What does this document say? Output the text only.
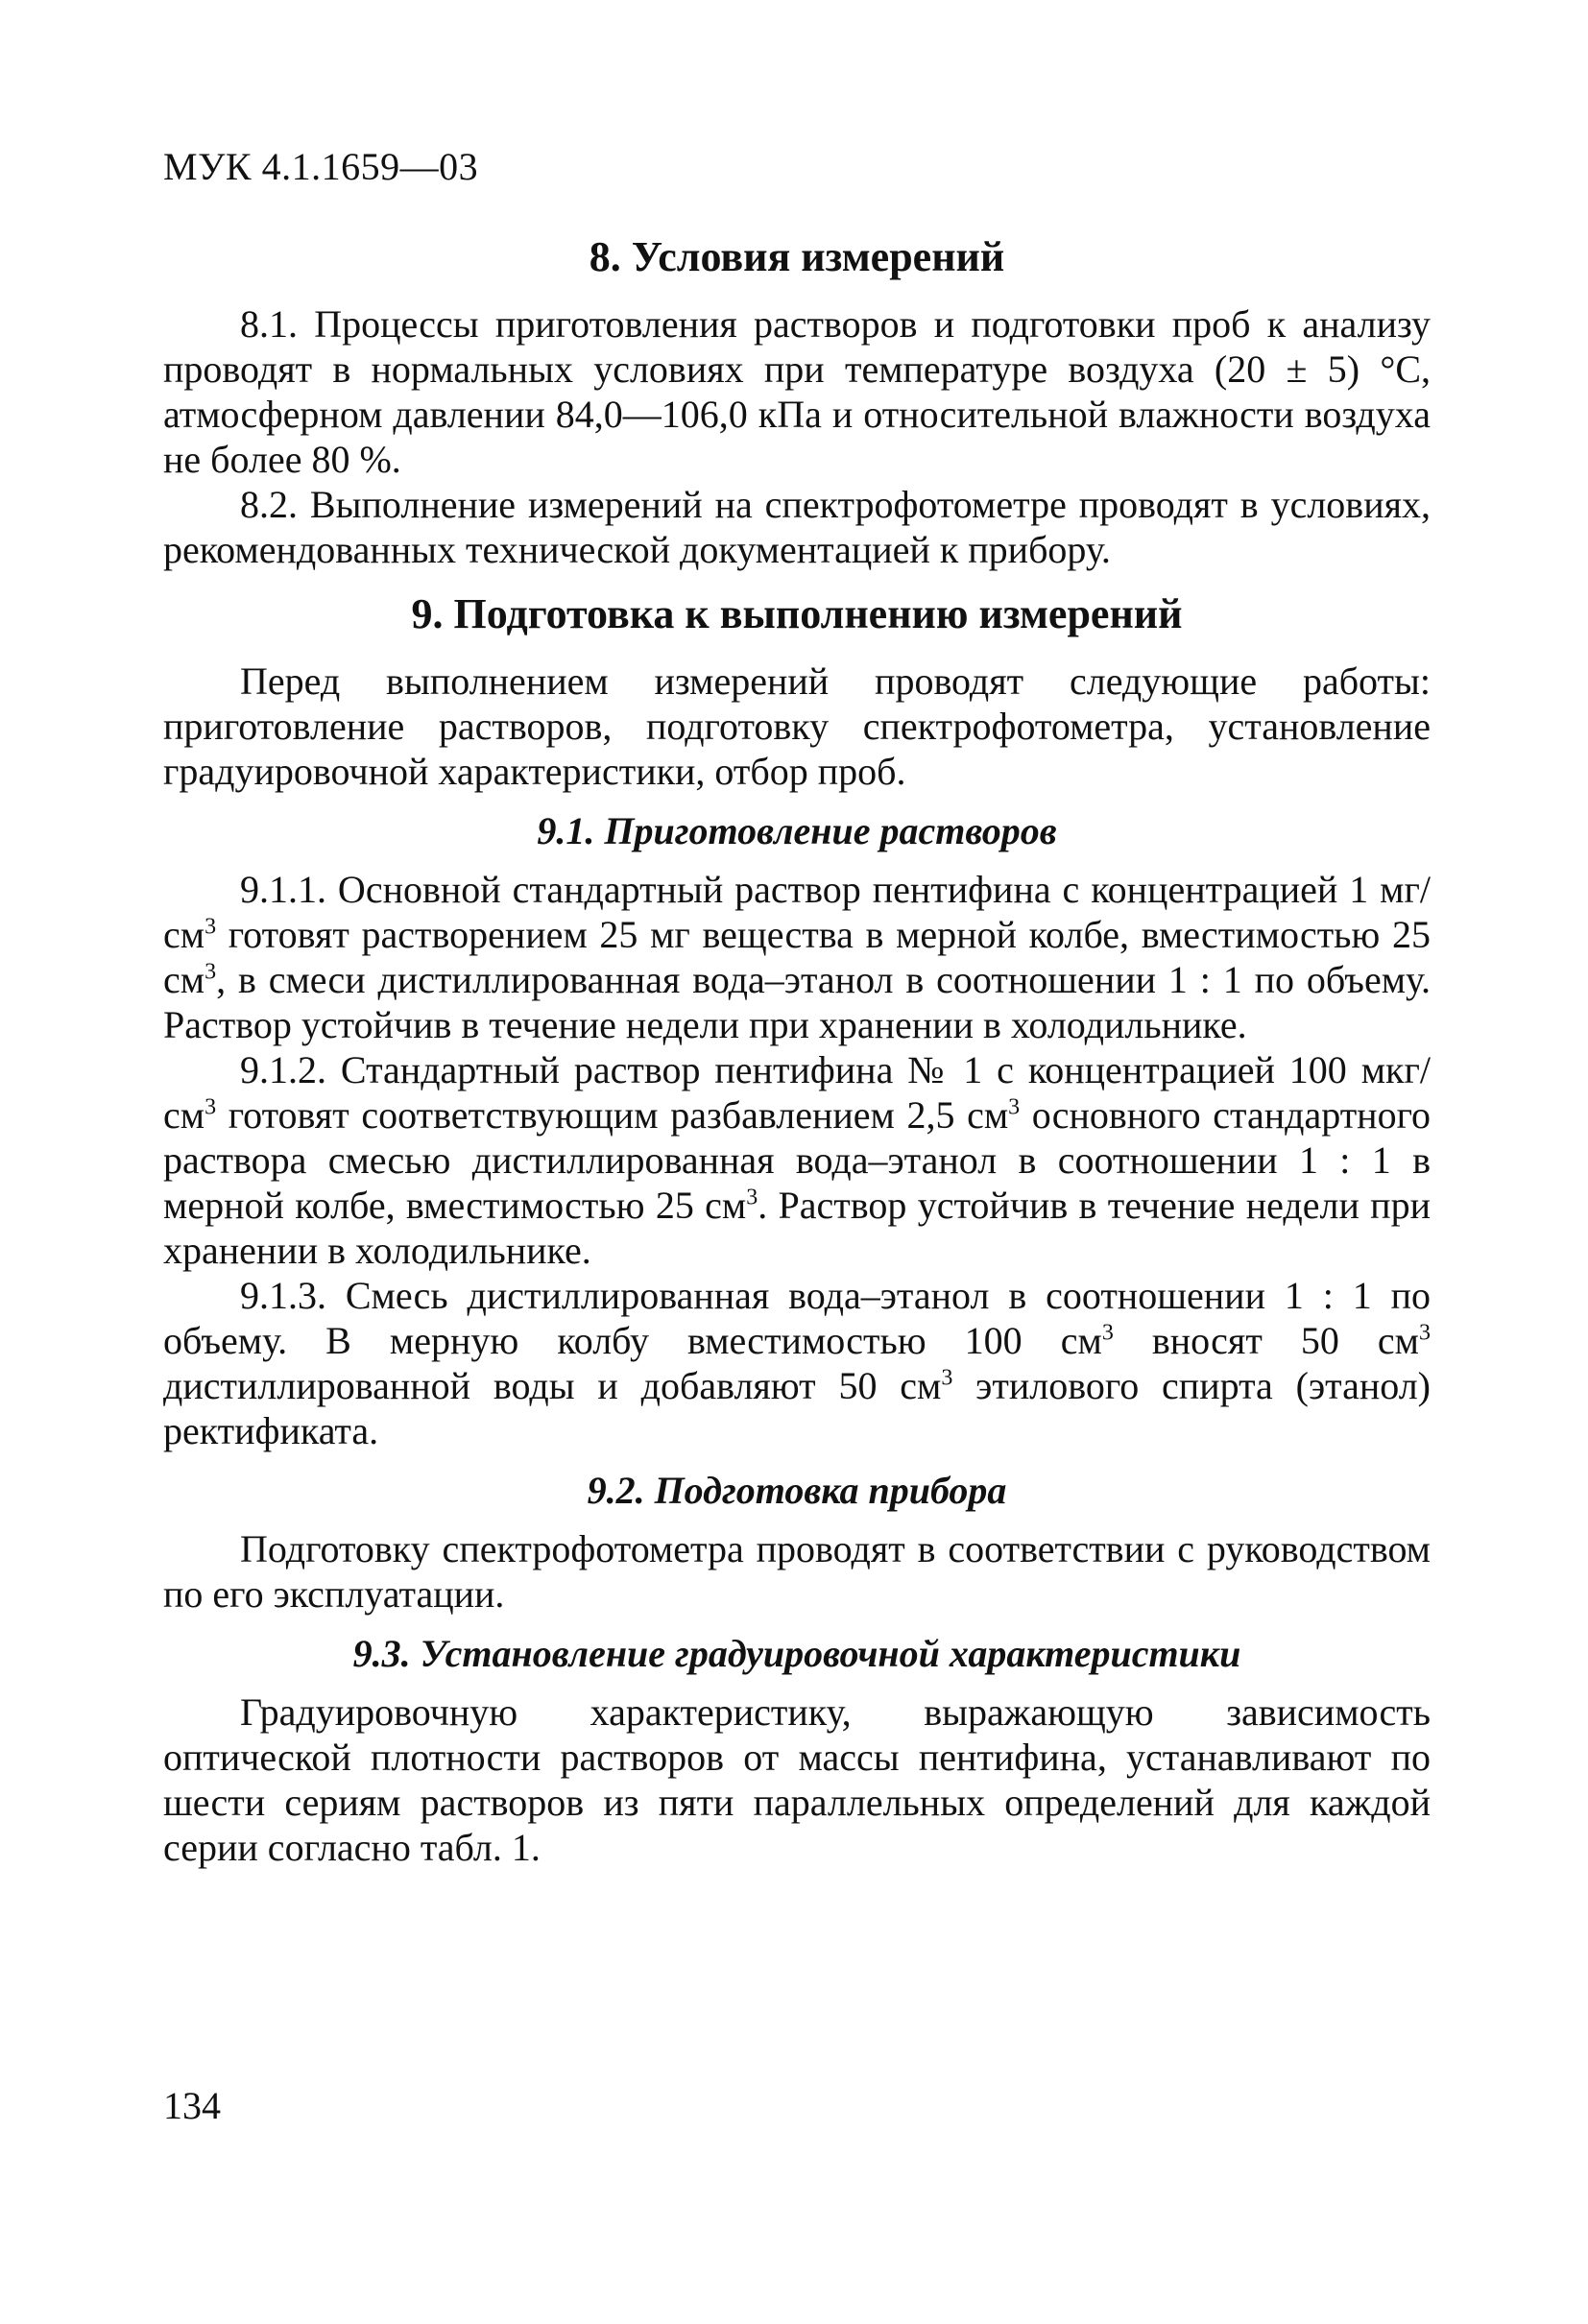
МУК 4.1.1659—03
8. Условия измерений

8.1. Процессы приготовления растворов и подготовки проб к анализу проводят в нормальных условиях при температуре воздуха (20 ± 5) °С, атмосферном давлении 84,0—106,0 кПа и относительной влажности воздуха не более 80 %.

8.2. Выполнение измерений на спектрофотометре проводят в условиях, рекомендованных технической документацией к прибору.

9. Подготовка к выполнению измерений

Перед выполнением измерений проводят следующие работы: приготовление растворов, подготовку спектрофотометра, установление градуировочной характеристики, отбор проб.

9.1. Приготовление растворов

9.1.1. Основной стандартный раствор пентифина с концентрацией 1 $мг/см^3$ готовят растворением 25 мг вещества в мерной колбе, вместимостью 25 $см^3$, в смеси дистиллированная вода–этанол в соотношении 1 : 1 по объему. Раствор устойчив в течение недели при хранении в холодильнике.

9.1.2. Стандартный раствор пентифина № 1 с концентрацией 100 мкг/$см^3$ готовят соответствующим разбавлением 2,5 $см^3$ основного стандартного раствора смесью дистиллированная вода–этанол в соотношении 1 : 1 в мерной колбе, вместимостью 25 $см^3$. Раствор устойчив в течение недели при хранении в холодильнике.

9.1.3. Смесь дистиллированная вода–этанол в соотношении 1 : 1 по объему. В мерную колбу вместимостью 100 $см^3$ вносят 50 $см^3$ дистиллированной воды и добавляют 50 $см^3$ этилового спирта (этанол) ректификата.

9.2. Подготовка прибора

Подготовку спектрофотометра проводят в соответствии с руководством по его эксплуатации.

9.3. Установление градуировочной характеристики

Градуировочную характеристику, выражающую зависимость оптической плотности растворов от массы пентифина, устанавливают по шести сериям растворов из пяти параллельных определений для каждой серии согласно табл. 1.

134
